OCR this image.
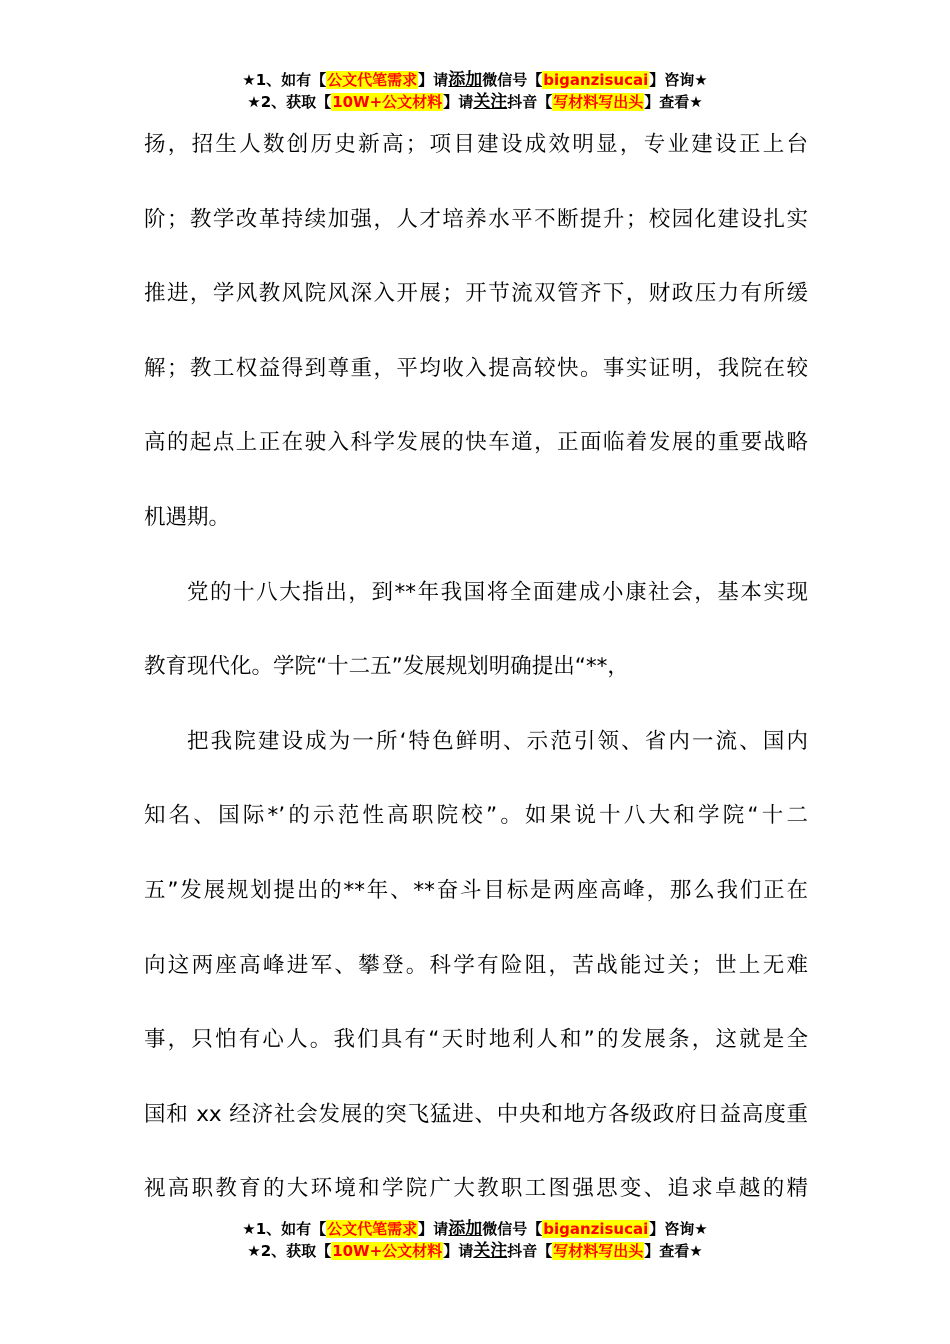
★1、如有【公文代笔需求】请添加微信号【biganzisucai】咨询★
★2、获取【10W+公文材料】请关注抖音【写材料写出头】查看★
扬，招生人数创历史新高；项目建设成效明显，专业建设正上台
阶；教学改革持续加强，人才培养水平不断提升；校园化建设扎实
推进，学风教风院风深入开展；开节流双管齐下，财政压力有所缓
解；教工权益得到尊重，平均收入提高较快。事实证明，我院在较
高的起点上正在驶入科学发展的快车道，正面临着发展的重要战略
机遇期。
党的十八大指出，到**年我国将全面建成小康社会，基本实现
教育现代化。学院“十二五”发展规划明确提出“**，
把我院建设成为一所‘特色鲜明、示范引领、省内一流、国内
知名、国际*’的示范性高职院校”。如果说十八大和学院“十二
五”发展规划提出的**年、**奋斗目标是两座高峰，那么我们正在
向这两座高峰进军、攀登。科学有险阻，苦战能过关；世上无难
事，只怕有心人。我们具有“天时地利人和”的发展条，这就是全
国和 xx 经济社会发展的突飞猛进、中央和地方各级政府日益高度重
视高职教育的大环境和学院广大教职工图强思变、追求卓越的精
★1、如有【公文代笔需求】请添加微信号【biganzisucai】咨询★
★2、获取【10W+公文材料】请关注抖音【写材料写出头】查看★
